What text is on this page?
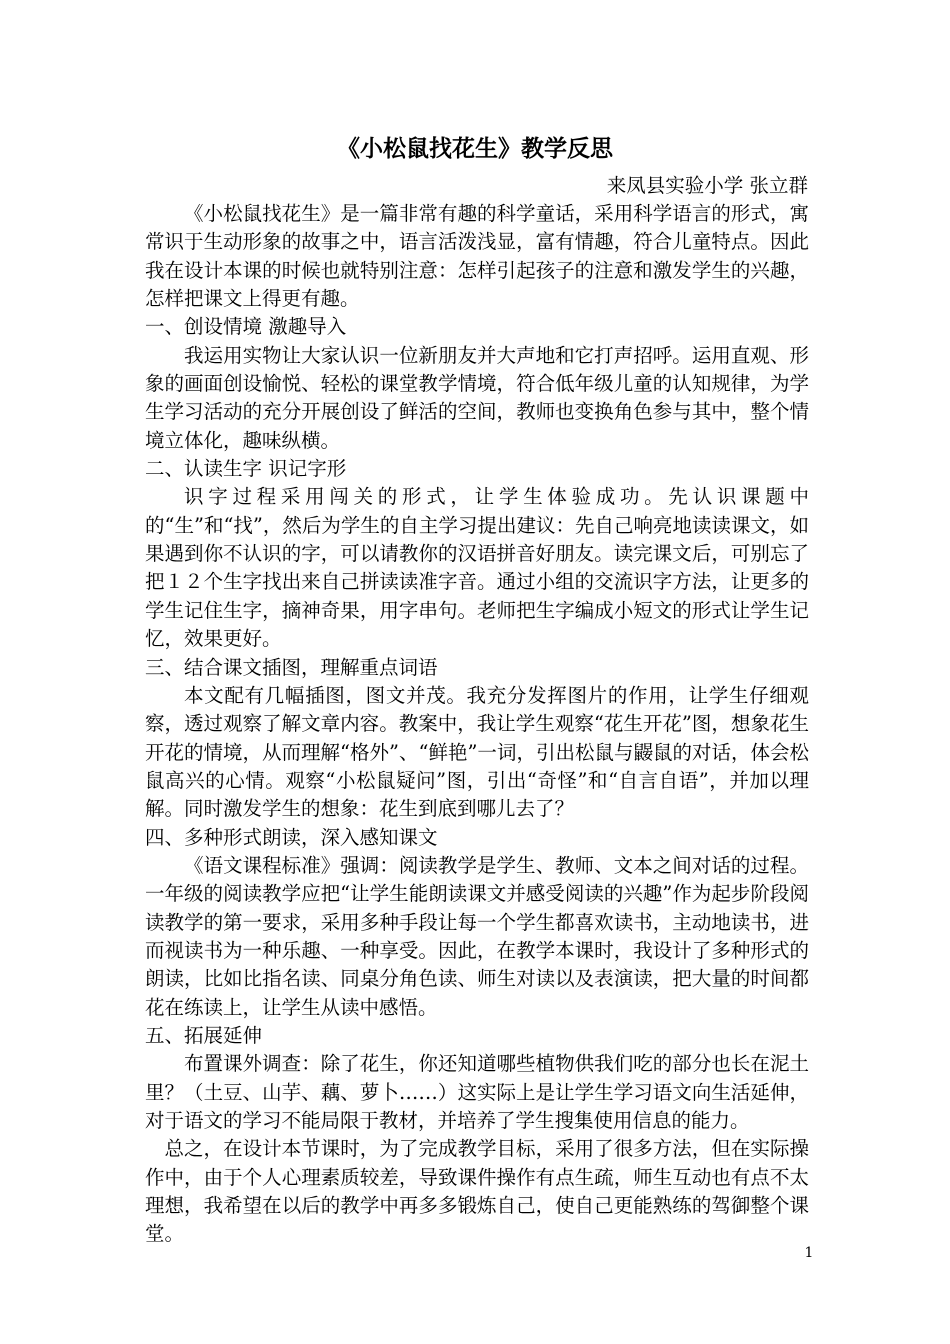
《小松鼠找花生》教学反思
来凤县实验小学 张立群

《小松鼠找花生》是一篇非常有趣的科学童话，采用科学语言的形式，寓常识于生动形象的故事之中，语言活泼浅显，富有情趣，符合儿童特点。因此我在设计本课的时候也就特别注意：怎样引起孩子的注意和激发学生的兴趣，怎样把课文上得更有趣。

一、创设情境 激趣导入

我运用实物让大家认识一位新朋友并大声地和它打声招呼。运用直观、形象的画面创设愉悦、轻松的课堂教学情境，符合低年级儿童的认知规律，为学生学习活动的充分开展创设了鲜活的空间，教师也变换角色参与其中，整个情境立体化，趣味纵横。

二、认读生字 识记字形

识字过程采用闯关的形式，让学生体验成功。先认识课题中的“生”和“找”，然后为学生的自主学习提出建议：先自己响亮地读读课文，如果遇到你不认识的字，可以请教你的汉语拼音好朋友。读完课文后，可别忘了把１２个生字找出来自己拼读读准字音。通过小组的交流识字方法，让更多的学生记住生字，摘神奇果，用字串句。老师把生字编成小短文的形式让学生记忆，效果更好。

三、结合课文插图，理解重点词语

本文配有几幅插图，图文并茂。我充分发挥图片的作用，让学生仔细观察，透过观察了解文章内容。教案中，我让学生观察“花生开花”图，想象花生开花的情境，从而理解“格外”、“鲜艳”一词，引出松鼠与鼹鼠的对话，体会松鼠高兴的心情。观察“小松鼠疑问”图，引出“奇怪”和“自言自语”，并加以理解。同时激发学生的想象：花生到底到哪儿去了？

四、多种形式朗读，深入感知课文

《语文课程标准》强调：阅读教学是学生、教师、文本之间对话的过程。一年级的阅读教学应把“让学生能朗读课文并感受阅读的兴趣”作为起步阶段阅读教学的第一要求，采用多种手段让每一个学生都喜欢读书，主动地读书，进而视读书为一种乐趣、一种享受。因此，在教学本课时，我设计了多种形式的朗读，比如比指名读、同桌分角色读、师生对读以及表演读，把大量的时间都花在练读上，让学生从读中感悟。

五、拓展延伸

布置课外调查：除了花生，你还知道哪些植物供我们吃的部分也长在泥土里？（土豆、山芋、藕、萝卜……）这实际上是让学生学习语文向生活延伸，对于语文的学习不能局限于教材，并培养了学生搜集使用信息的能力。

总之，在设计本节课时，为了完成教学目标，采用了很多方法，但在实际操作中，由于个人心理素质较差，导致课件操作有点生疏，师生互动也有点不太理想，我希望在以后的教学中再多多锻炼自己，使自己更能熟练的驾御整个课堂。

1
